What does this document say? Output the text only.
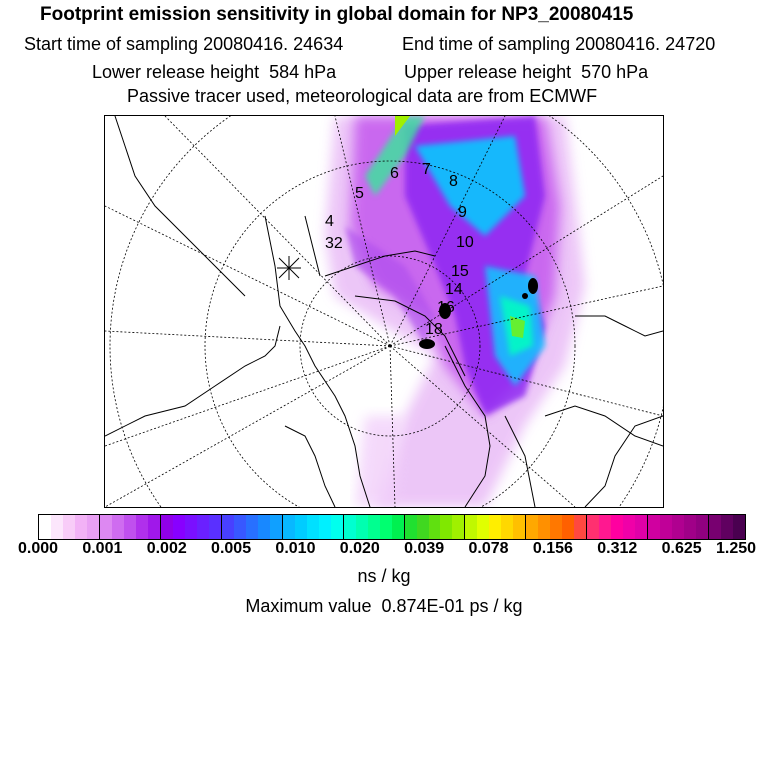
Footprint emission sensitivity in global domain for NP3_20080415
Start time of sampling 20080416. 24634	End time of sampling 20080416. 24720
Lower release height  584 hPa	Upper release height  570 hPa
Passive tracer used, meteorological data are from ECMWF
6 7
8
9
10
4
32
5
15
14
16
18
0.000 0.001 0.002 0.005 0.010 0.020 0.039 0.078 0.156 0.312 0.625 1.250
ns / kg
Maximum value  0.874E-01 ps / kg
